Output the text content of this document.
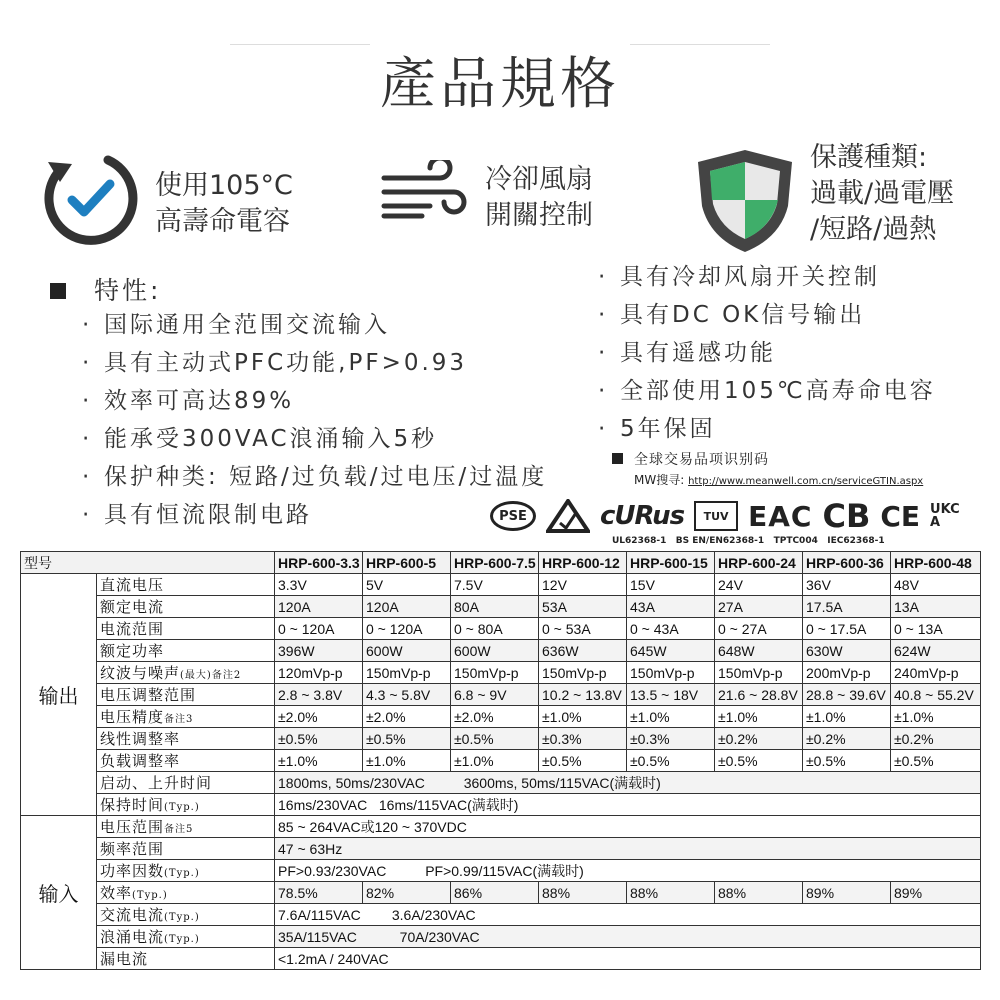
產品規格
使用105°C
高壽命電容
冷卻風扇
開關控制
保護種類:
過載/過電壓
/短路/過熱
特性:
· 国际通用全范围交流输入
· 具有主动式PFC功能,PF>0.93
· 效率可高达89%
· 能承受300VAC浪涌输入5秒
· 保护种类: 短路/过负载/过电压/过温度
· 具有恒流限制电路
· 具有冷却风扇开关控制
· 具有DC OK信号输出
· 具有遥感功能
· 全部使用105℃高寿命电容
· 5年保固
全球交易品项识别码
MW搜寻: http://www.meanwell.com.cn/serviceGTIN.aspx
PSE	cURus	TUV EAC CB CE UKCA
UL62368-1   BS EN/EN62368-1   TPTC004   IEC62368-1
型号		HRP-600-3.3	HRP-600-5	HRP-600-7.5	HRP-600-12	HRP-600-15	HRP-600-24	HRP-600-36	HRP-600-48
输出	直流电压	3.3V	5V	7.5V	12V	15V	24V	36V	48V
	额定电流	120A	120A	80A	53A	43A	27A	17.5A	13A
	电流范围	0 ~ 120A	0 ~ 120A	0 ~ 80A	0 ~ 53A	0 ~ 43A	0 ~ 27A	0 ~ 17.5A	0 ~ 13A
	额定功率	396W	600W	600W	636W	645W	648W	630W	624W
	纹波与噪声(最大)备注2	120mVp-p	150mVp-p	150mVp-p	150mVp-p	150mVp-p	150mVp-p	200mVp-p	240mVp-p
	电压调整范围	2.8 ~ 3.8V	4.3 ~ 5.8V	6.8 ~ 9V	10.2 ~ 13.8V	13.5 ~ 18V	21.6 ~ 28.8V	28.8 ~ 39.6V	40.8 ~ 55.2V
	电压精度备注3	±2.0%	±2.0%	±2.0%	±1.0%	±1.0%	±1.0%	±1.0%	±1.0%
	线性调整率	±0.5%	±0.5%	±0.5%	±0.3%	±0.3%	±0.2%	±0.2%	±0.2%
	负载调整率	±1.0%	±1.0%	±1.0%	±0.5%	±0.5%	±0.5%	±0.5%	±0.5%
	启动、上升时间	1800ms, 50ms/230VAC          3600ms, 50ms/115VAC(满载时)							
	保持时间(Typ.)	16ms/230VAC   16ms/115VAC(满载时)							
输入	电压范围备注5	85 ~ 264VAC或120 ~ 370VDC							
	频率范围	47 ~ 63Hz							
	功率因数(Typ.)	PF>0.93/230VAC          PF>0.99/115VAC(满载时)							
	效率(Typ.)	78.5%	82%	86%	88%	88%	88%	89%	89%
	交流电流(Typ.)	7.6A/115VAC        3.6A/230VAC							
	浪涌电流(Typ.)	35A/115VAC           70A/230VAC							
	漏电流	<1.2mA / 240VAC							
